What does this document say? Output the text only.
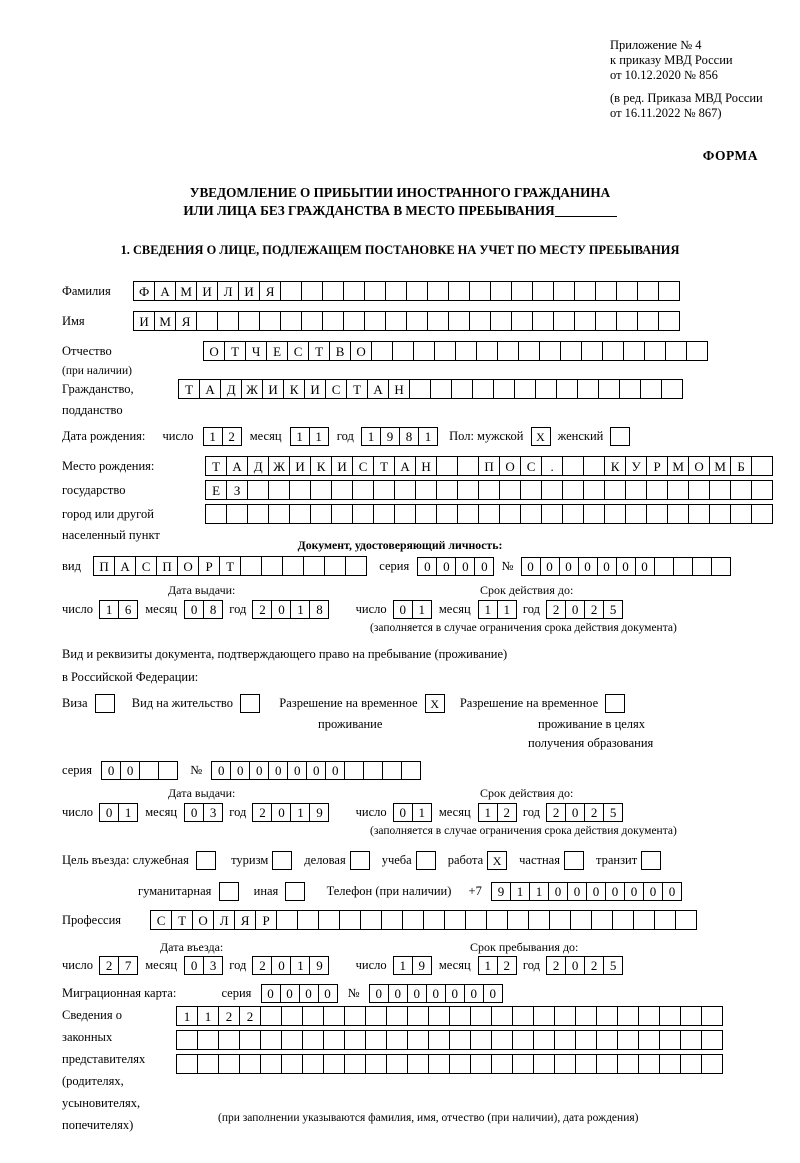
Приложение № 4
к приказу МВД России
от 10.12.2020 № 856
(в ред. Приказа МВД России
от 16.11.2022 № 867)
ФОРМА
УВЕДОМЛЕНИЕ О ПРИБЫТИИ ИНОСТРАННОГО ГРАЖДАНИНА
ИЛИ ЛИЦА БЕЗ ГРАЖДАНСТВА В МЕСТО ПРЕБЫВАНИЯ
1. СВЕДЕНИЯ О ЛИЦЕ, ПОДЛЕЖАЩЕМ ПОСТАНОВКЕ НА УЧЕТ ПО МЕСТУ ПРЕБЫВАНИЯ
Фамилия Ф А М И Л И Я
Имя	И М Я
Отчество	О Т Ч Е С Т В О
(при наличии)
Гражданство,	Т А Д Ж И К И С Т А Н
подданство
Дата рождения: число 1 2 месяц 1 1 год 1 9 8 1 Пол: мужской X женский
Место рождения:	Т А Д Ж И К И С Т А Н	П О С .	К У Р М О М Б
государство	Е З
город или другой
населенный пункт
Документ, удостоверяющий личность:
вид П А С П О Р Т	серия 0 0 0 0 № 0 0 0 0 0 0 0
Дата выдачи:	Срок действия до:
число 1 6 месяц 0 8 год 2 0 1 8	число 0 1 месяц 1 1 год 2 0 2 5
(заполняется в случае ограничения срока действия документа)
Вид и реквизиты документа, подтверждающего право на пребывание (проживание)
в Российской Федерации:
Виза	Вид на жительство	Разрешение на временное X Разрешение на временное
проживание	проживание в целях
получения образования
серия 0 0	№ 0 0 0 0 0 0 0
Дата выдачи:	Срок действия до:
число 0 1 месяц 0 3 год 2 0 1 9	число 0 1 месяц 1 2 год 2 0 2 5
(заполняется в случае ограничения срока действия документа)
Цель въезда: служебная	туризм	деловая	учеба	работа X частная	транзит
гуманитарная	иная	Телефон (при наличии) +7 9 1 1 0 0 0 0 0 0 0
Профессия	С Т О Л Я Р
Дата въезда:	Срок пребывания до:
число 2 7 месяц 0 3 год 2 0 1 9	число 1 9 месяц 1 2 год 2 0 2 5
Миграционная карта:	серия 0 0 0 0 № 0 0 0 0 0 0 0
Сведения о
законных
представителях
(родителях,
усыновителях,
попечителях)
1 1 2 2
(при заполнении указываются фамилия, имя, отчество (при наличии), дата рождения)
